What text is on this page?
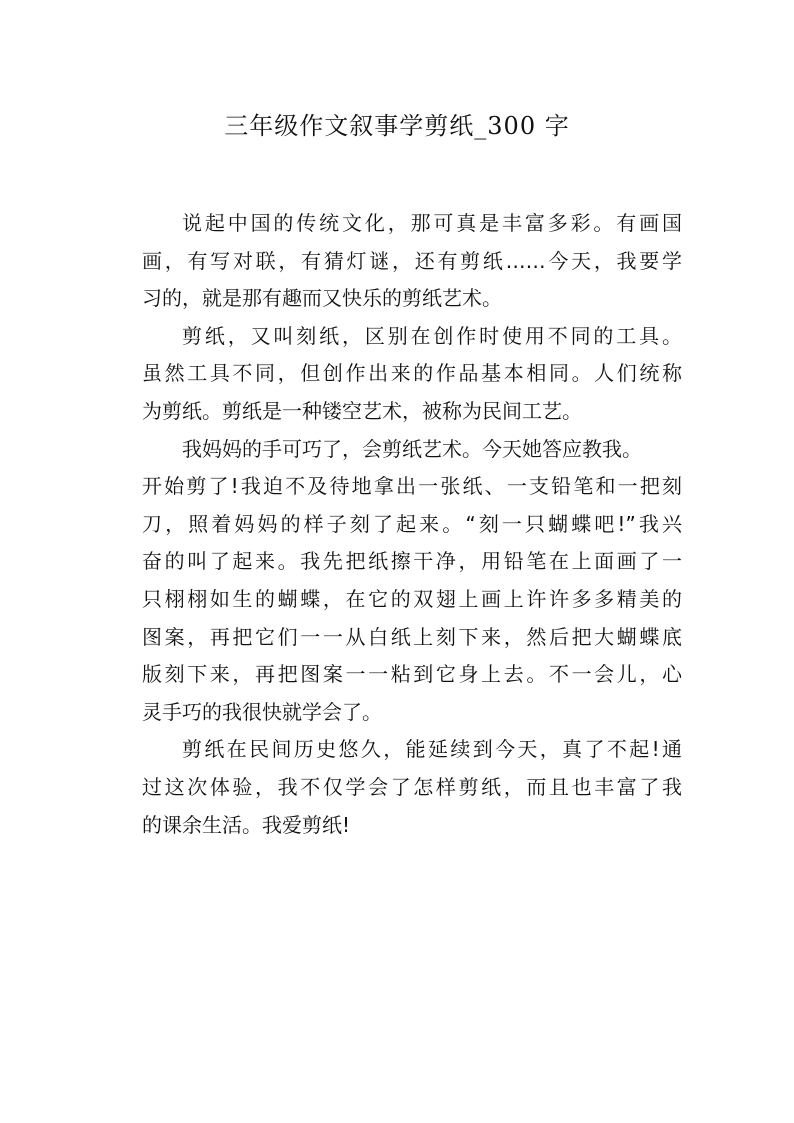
三年级作文叙事学剪纸_300 字
说起中国的传统文化，那可真是丰富多彩。有画国
画，有写对联，有猜灯谜，还有剪纸……今天，我要学
习的，就是那有趣而又快乐的剪纸艺术。
剪纸，又叫刻纸，区别在创作时使用不同的工具。
虽然工具不同，但创作出来的作品基本相同。人们统称
为剪纸。剪纸是一种镂空艺术，被称为民间工艺。
我妈妈的手可巧了，会剪纸艺术。今天她答应教我。
开始剪了!我迫不及待地拿出一张纸、一支铅笔和一把刻
刀，照着妈妈的样子刻了起来。“刻一只蝴蝶吧!”我兴
奋的叫了起来。我先把纸擦干净，用铅笔在上面画了一
只栩栩如生的蝴蝶，在它的双翅上画上许许多多精美的
图案，再把它们一一从白纸上刻下来，然后把大蝴蝶底
版刻下来，再把图案一一粘到它身上去。不一会儿，心
灵手巧的我很快就学会了。
剪纸在民间历史悠久，能延续到今天，真了不起!通
过这次体验，我不仅学会了怎样剪纸，而且也丰富了我
的课余生活。我爱剪纸!
